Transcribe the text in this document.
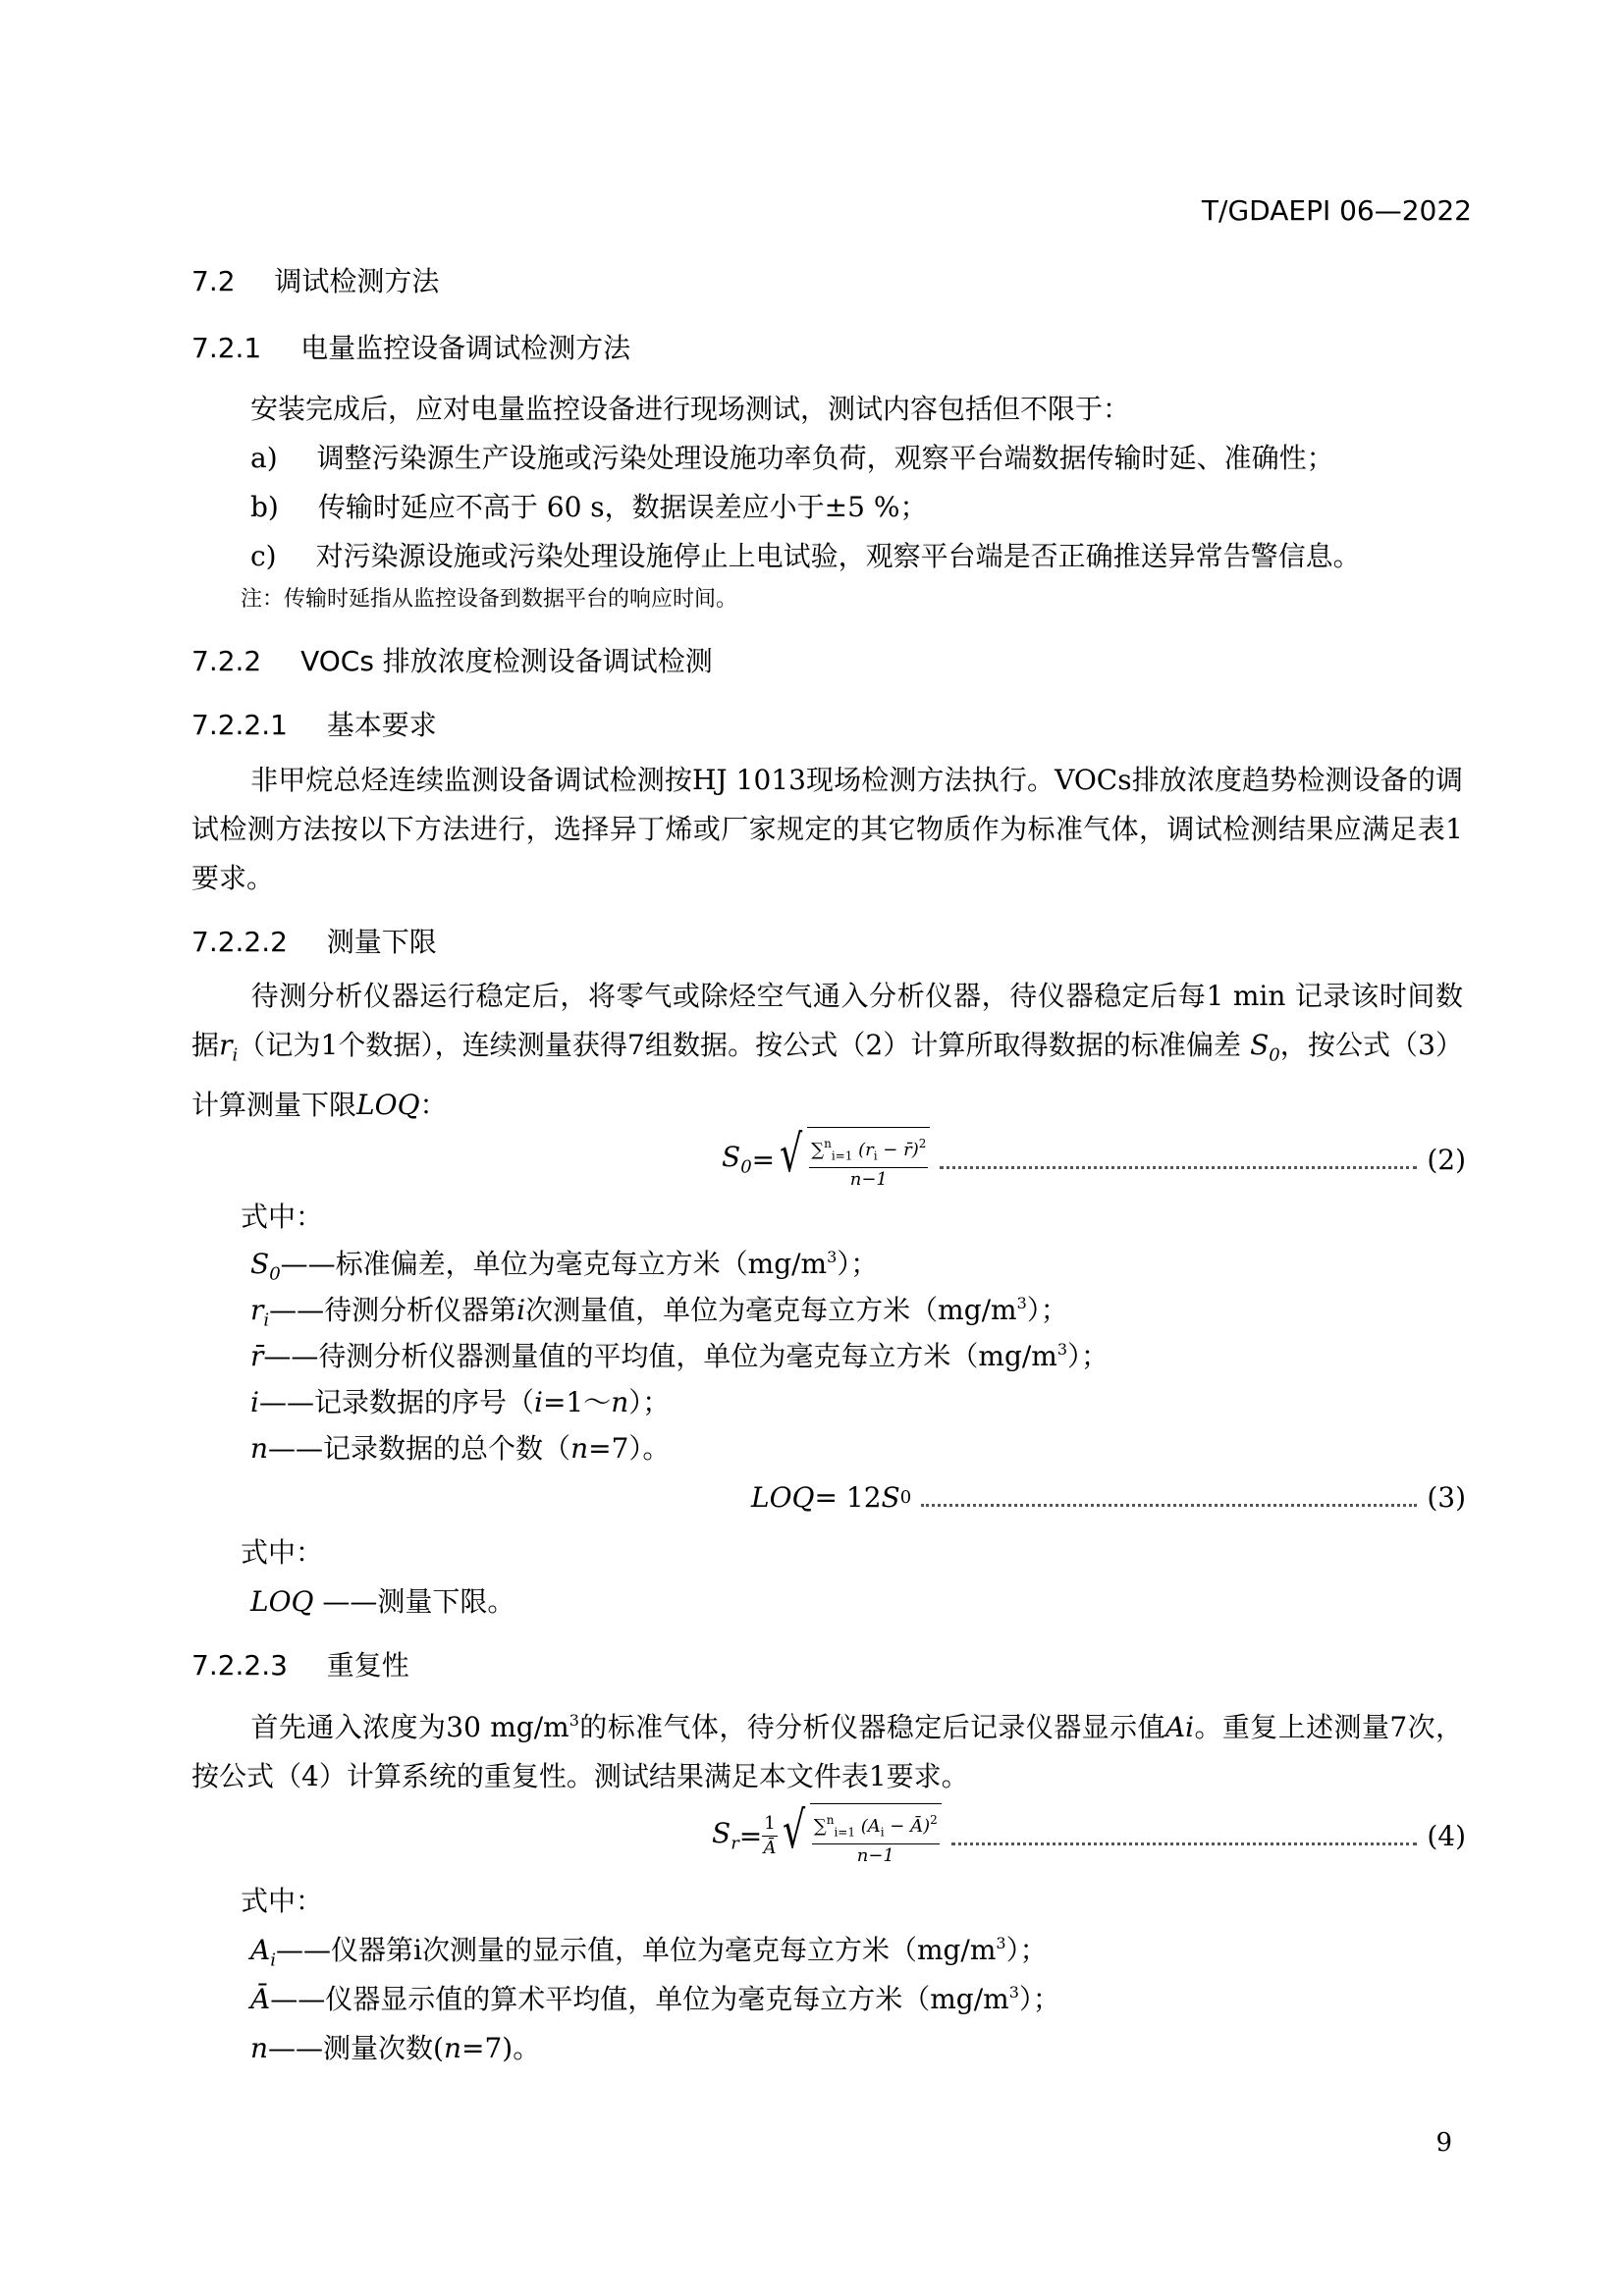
T/GDAEPI 06—2022
7.2 调试检测方法
7.2.1 电量监控设备调试检测方法
安装完成后，应对电量监控设备进行现场测试，测试内容包括但不限于：
a) 调整污染源生产设施或污染处理设施功率负荷，观察平台端数据传输时延、准确性；
b) 传输时延应不高于 60 s，数据误差应小于±5 %；
c) 对污染源设施或污染处理设施停止上电试验，观察平台端是否正确推送异常告警信息。
注：传输时延指从监控设备到数据平台的响应时间。
7.2.2 VOCs 排放浓度检测设备调试检测
7.2.2.1 基本要求
非甲烷总烃连续监测设备调试检测按HJ 1013现场检测方法执行。VOCs排放浓度趋势检测设备的调试检测方法按以下方法进行，选择异丁烯或厂家规定的其它物质作为标准气体，调试检测结果应满足表1要求。
7.2.2.2 测量下限
待测分析仪器运行稳定后，将零气或除烃空气通入分析仪器，待仪器稳定后每1 min 记录该时间数据$r_i$（记为1个数据），连续测量获得7组数据。按公式（2）计算所取得数据的标准偏差 $S_0$，按公式（3）计算测量下限LOQ：
$S_0$ = √ $\frac{\sum^n_{i=1} (r_i - r̄)^2}{n-1}$	(2)
式中：
$S_0——$标准偏差，单位为毫克每立方米$(mg/m^3)$；
$r_i——$待测分析仪器第i次测量值，单位为毫克每立方米$(mg/m^3)$；
r̄——待测分析仪器测量值的平均值，单位为毫克每立方米$(mg/m^3)$；
i——记录数据的序号（i=1～n）；
n——记录数据的总个数（n=7）。
LOQ = 12 S 0	(3)
式中：
LOQ ——测量下限。
7.2.2.3 重复性
首先通入浓度为30 $mg/m^3$的标准气体，待分析仪器稳定后记录仪器显示值Ai。重复上述测量7次，按公式（4）计算系统的重复性。测试结果满足本文件表1要求。
$S_r = \frac{1}{Ā}$ √ $\frac{\sum^n_{i=1} (A_i - Ā)^2}{n-1}$	(4)
式中：
$A_i——$仪器第i次测量的显示值，单位为毫克每立方米$(mg/m^3)$；
Ā——仪器显示值的算术平均值，单位为毫克每立方米$(mg/m^3)$；
n——测量次数(n=7)。
9
